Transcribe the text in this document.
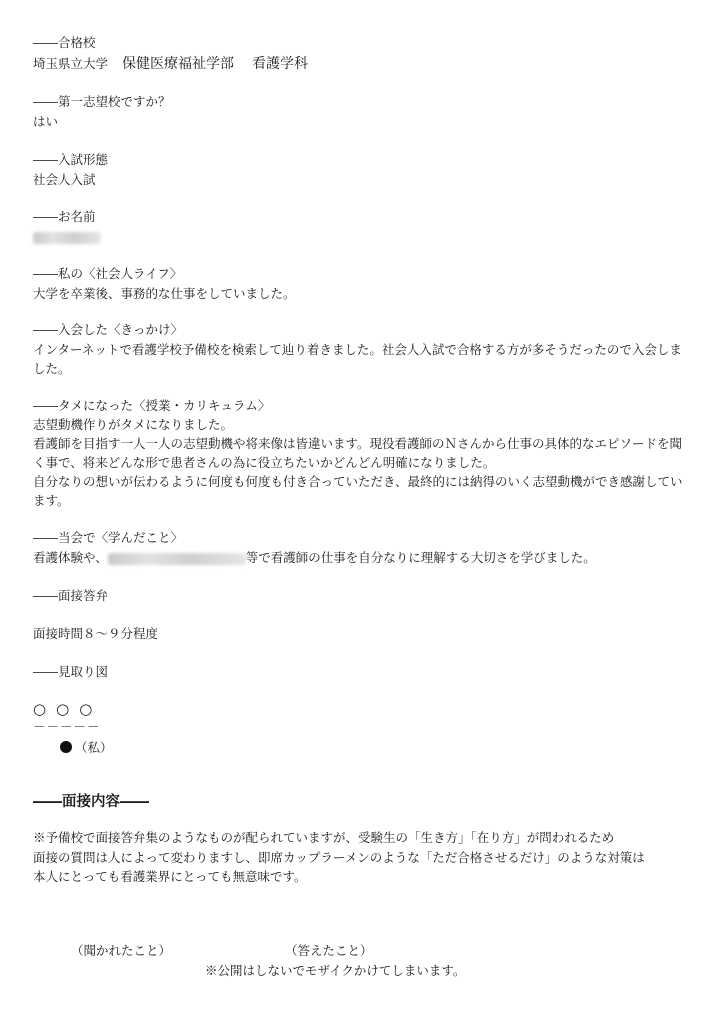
――合格校
埼玉県立大学 保健医療福祉学部 看護学科
――第一志望校ですか？
はい
――入試形態
社会人入試
――お名前
――私の〈社会人ライフ〉
大学を卒業後、事務的な仕事をしていました。
――入会した〈きっかけ〉
インターネットで看護学校予備校を検索して辿り着きました。社会人入試で合格する方が多そうだったので入会しました。
――タメになった〈授業・カリキュラム〉
志望動機作りがタメになりました。
看護師を目指す一人一人の志望動機や将来像は皆違います。現役看護師のＮさんから仕事の具体的なエピソードを聞く事で、将来どんな形で患者さんの為に役立ちたいかどんどん明確になりました。
自分なりの想いが伝わるように何度も何度も付き合っていただき、最終的には納得のいく志望動機ができ感謝しています。
――当会で〈学んだこと〉
看護体験や、	等で看護師の仕事を自分なりに理解する大切さを学びました。
――面接答弁
面接時間８～９分程度
――見取り図
○ ○ ○
－－－－－
（私）
――面接内容――
※予備校で面接答弁集のようなものが配られていますが、受験生の「生き方」「在り方」が問われるため
面接の質問は人によって変わりますし、即席カップラーメンのような「ただ合格させるだけ」のような対策は
本人にとっても看護業界にとっても無意味です。
（聞かれたこと）	（答えたこと）
※公開はしないでモザイクかけてしまいます。
